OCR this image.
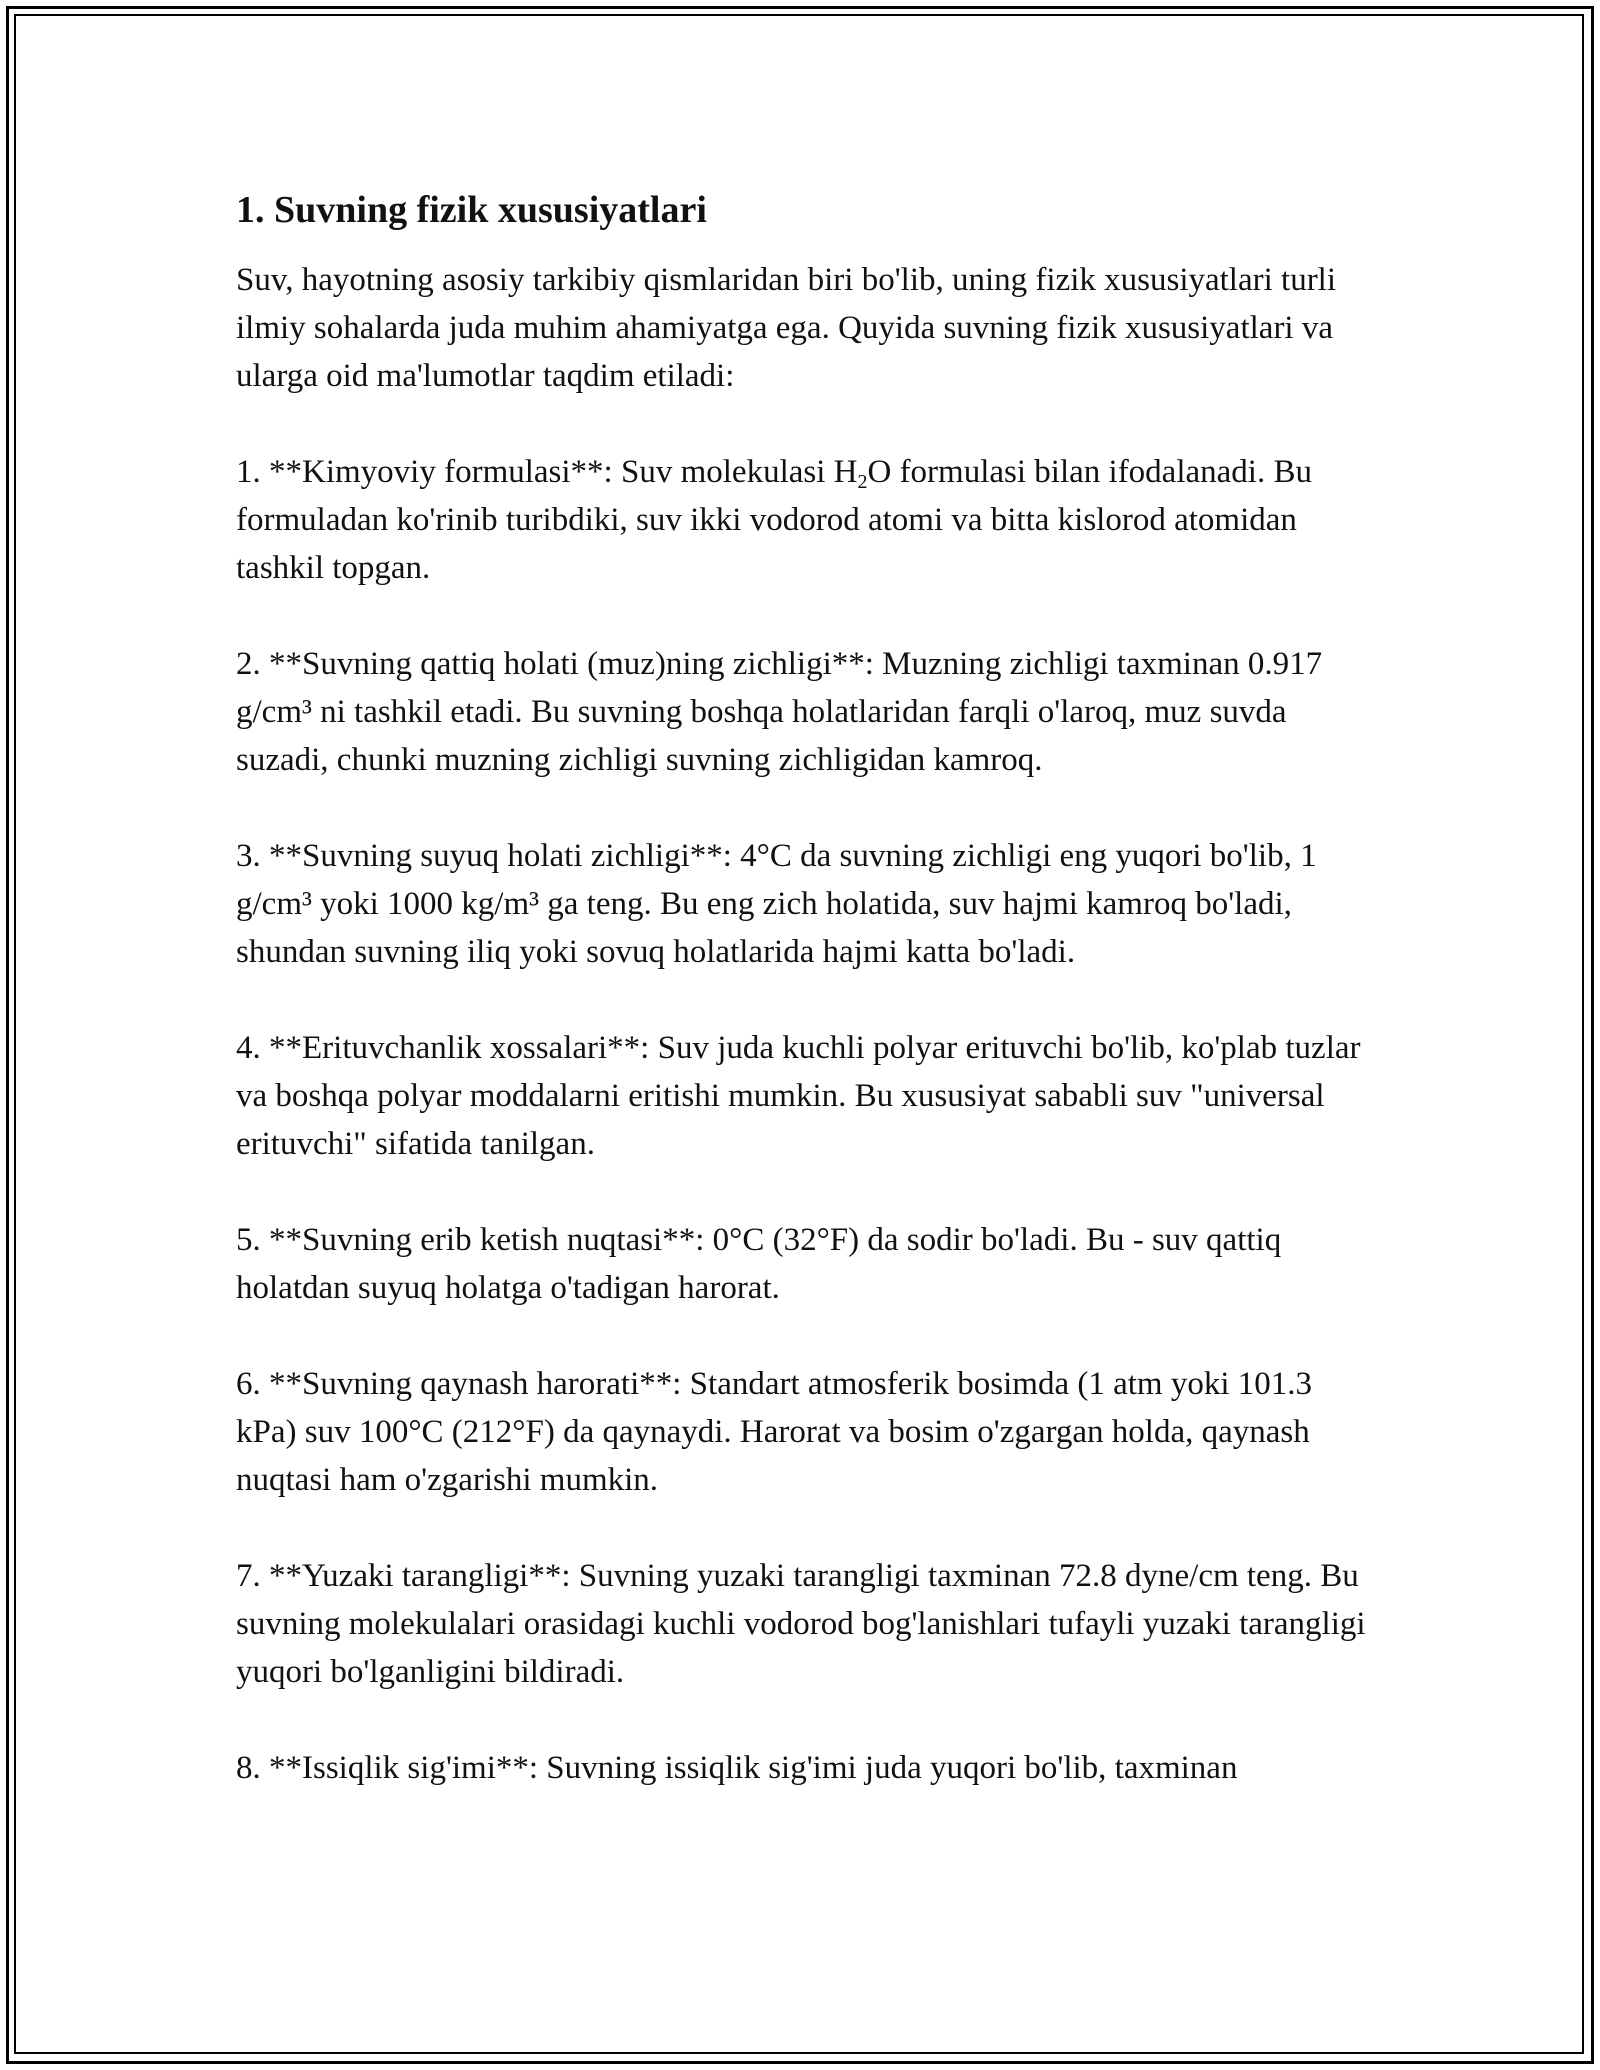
1. Suvning fizik xususiyatlari

Suv, hayotning asosiy tarkibiy qismlaridan biri bo'lib, uning fizik xususiyatlari turli ilmiy sohalarda juda muhim ahamiyatga ega. Quyida suvning fizik xususiyatlari va ularga oid ma'lumotlar taqdim etiladi:

1. **Kimyoviy formulasi**: Suv molekulasi $H_2O$ formulasi bilan ifodalanadi. Bu formuladan ko'rinib turibdiki, suv ikki vodorod atomi va bitta kislorod atomidan tashkil topgan.

2. **Suvning qattiq holati (muz)ning zichligi**: Muzning zichligi taxminan 0.917 g/cm³ ni tashkil etadi. Bu suvning boshqa holatlaridan farqli o'laroq, muz suvda suzadi, chunki muzning zichligi suvning zichligidan kamroq.

3. **Suvning suyuq holati zichligi**: 4°C da suvning zichligi eng yuqori bo'lib, 1 g/cm³ yoki 1000 kg/m³ ga teng. Bu eng zich holatida, suv hajmi kamroq bo'ladi, shundan suvning iliq yoki sovuq holatlarida hajmi katta bo'ladi.

4. **Erituvchanlik xossalari**: Suv juda kuchli polyar erituvchi bo'lib, ko'plab tuzlar va boshqa polyar moddalarni eritishi mumkin. Bu xususiyat sababli suv "universal erituvchi" sifatida tanilgan.

5. **Suvning erib ketish nuqtasi**: 0°C (32°F) da sodir bo'ladi. Bu - suv qattiq holatdan suyuq holatga o'tadigan harorat.

6. **Suvning qaynash harorati**: Standart atmosferik bosimda (1 atm yoki 101.3 kPa) suv 100°C (212°F) da qaynaydi. Harorat va bosim o'zgargan holda, qaynash nuqtasi ham o'zgarishi mumkin.

7. **Yuzaki tarangligi**: Suvning yuzaki tarangligi taxminan 72.8 dyne/cm teng. Bu suvning molekulalari orasidagi kuchli vodorod bog'lanishlari tufayli yuzaki tarangligi yuqori bo'lganligini bildiradi.

8. **Issiqlik sig'imi**: Suvning issiqlik sig'imi juda yuqori bo'lib, taxminan
